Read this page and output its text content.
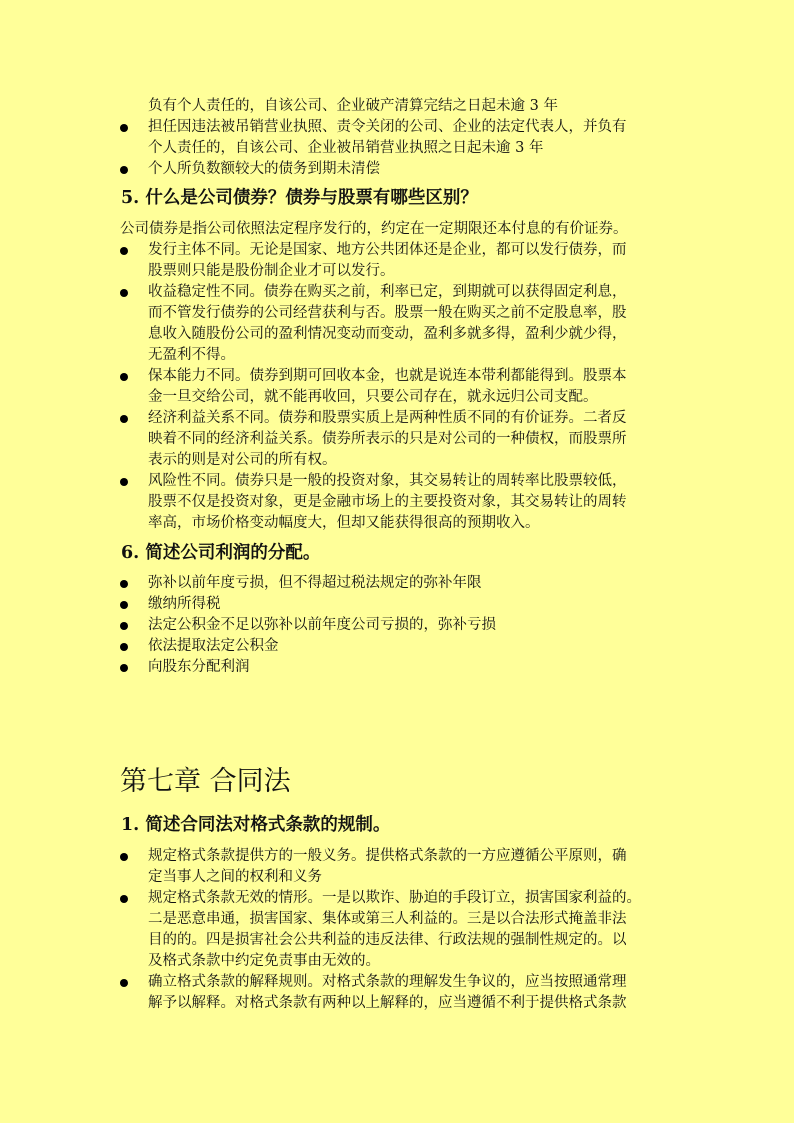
负有个人责任的，自该公司、企业破产清算完结之日起未逾 3 年
担任因违法被吊销营业执照、责令关闭的公司、企业的法定代表人，并负有
个人责任的，自该公司、企业被吊销营业执照之日起未逾 3 年
个人所负数额较大的债务到期未清偿
5. 什么是公司债券？债券与股票有哪些区别？
公司债券是指公司依照法定程序发行的，约定在一定期限还本付息的有价证券。
发行主体不同。无论是国家、地方公共团体还是企业，都可以发行债券，而
股票则只能是股份制企业才可以发行。
收益稳定性不同。债券在购买之前，利率已定，到期就可以获得固定利息，
而不管发行债券的公司经营获利与否。股票一般在购买之前不定股息率，股
息收入随股份公司的盈利情况变动而变动，盈利多就多得，盈利少就少得，
无盈利不得。
保本能力不同。债券到期可回收本金，也就是说连本带利都能得到。股票本
金一旦交给公司，就不能再收回，只要公司存在，就永远归公司支配。
经济利益关系不同。债券和股票实质上是两种性质不同的有价证券。二者反
映着不同的经济利益关系。债券所表示的只是对公司的一种债权，而股票所
表示的则是对公司的所有权。
风险性不同。债券只是一般的投资对象，其交易转让的周转率比股票较低，
股票不仅是投资对象，更是金融市场上的主要投资对象，其交易转让的周转
率高，市场价格变动幅度大，但却又能获得很高的预期收入。
6. 简述公司利润的分配。
弥补以前年度亏损，但不得超过税法规定的弥补年限
缴纳所得税
法定公积金不足以弥补以前年度公司亏损的，弥补亏损
依法提取法定公积金
向股东分配利润
第七章 合同法
1. 简述合同法对格式条款的规制。
规定格式条款提供方的一般义务。提供格式条款的一方应遵循公平原则，确
定当事人之间的权利和义务
规定格式条款无效的情形。一是以欺诈、胁迫的手段订立，损害国家利益的。
二是恶意串通，损害国家、集体或第三人利益的。三是以合法形式掩盖非法
目的的。四是损害社会公共利益的违反法律、行政法规的强制性规定的。以
及格式条款中约定免责事由无效的。
确立格式条款的解释规则。对格式条款的理解发生争议的，应当按照通常理
解予以解释。对格式条款有两种以上解释的，应当遵循不利于提供格式条款
